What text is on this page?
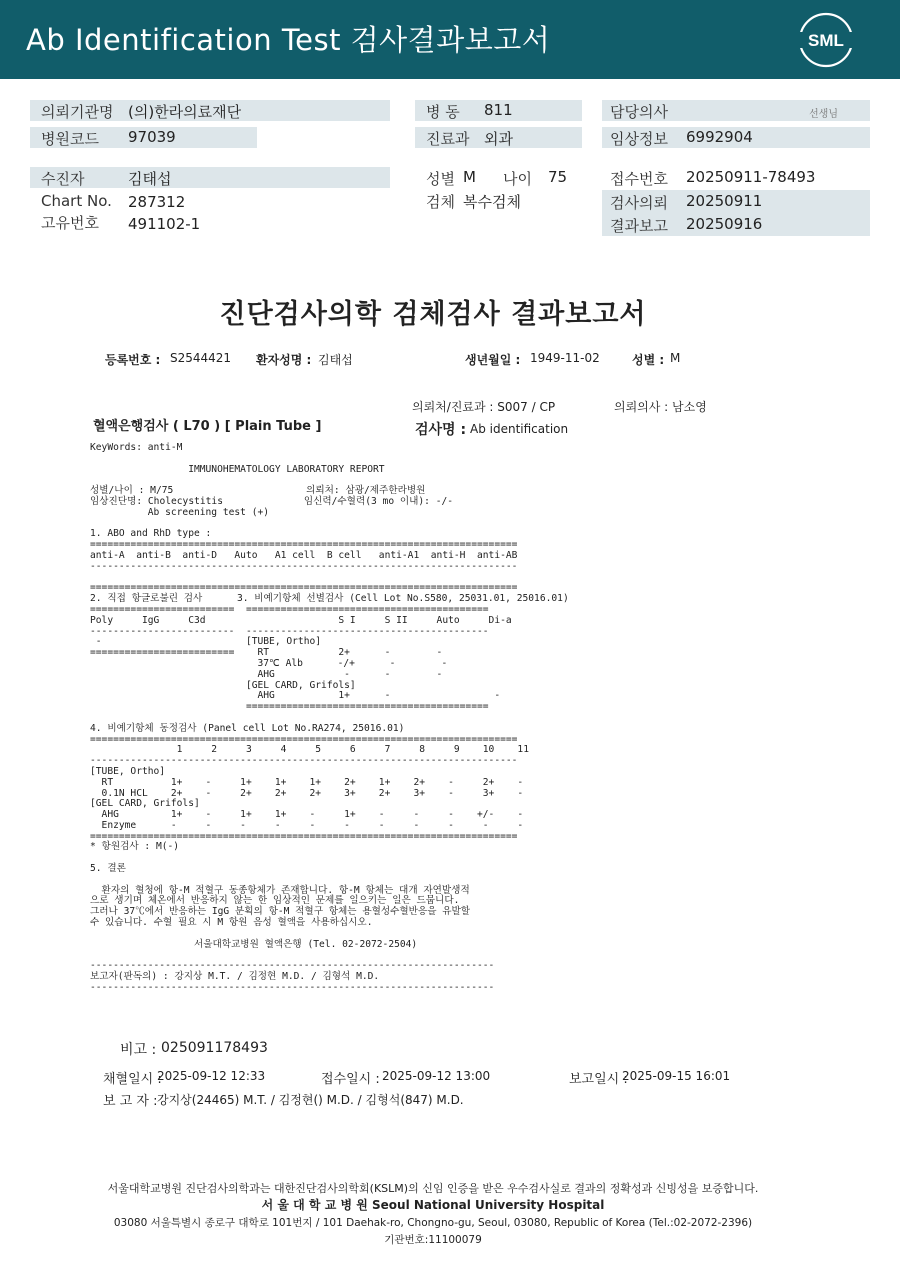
Ab Identification Test 검사결과보고서	SML
의뢰기관명 (의)한라의료재단
병원코드 97039
수진자	김태섭
Chart No. 287312
고유번호 491102-1
병 동 811
진료과 외과
성별 M 나이 75
검체 복수검체
담당의사	선생님
임상정보 6992904
접수번호 20250911-78493
검사의뢰 20250911
결과보고 20250916
진단검사의학 검체검사 결과보고서
등록번호 : S2544421 환자성명 : 김태섭	생년월일 : 1949-11-02	성별 : M
의뢰처/진료과 : S007 / CP	의뢰의사 : 남소영
혈액은행검사 ( L70 ) [ Plain Tube ]	검사명 : Ab identification
KeyWords: anti-M

IMMUNOHEMATOLOGY LABORATORY REPORT

성별/나이 : M/75                       의뢰처: 삼광/제주한라병원
임상진단명: Cholecystitis              임신력/수혈력(3 mo 이내): -/-
Ab screening test (+)

1. ABO and RhD type :
==========================================================================
anti-A  anti-B  anti-D   Auto   A1 cell  B cell   anti-A1  anti-H  anti-AB
--------------------------------------------------------------------------

==========================================================================
2. 직접 항글로불린 검사      3. 비예기항체 선별검사 (Cell Lot No.S580, 25031.01, 25016.01)
=========================  ==========================================
Poly     IgG     C3d                       S I     S II     Auto     Di-a
-------------------------  ------------------------------------------
-                         [TUBE, Ortho]
=========================    RT            2+      -        -
37℃ Alb      -/+      -        -
AHG            -      -        -
[GEL CARD, Grifols]
AHG           1+      -                  -
==========================================

4. 비예기항체 동정검사 (Panel cell Lot No.RA274, 25016.01)
==========================================================================
1     2     3     4     5     6     7     8     9    10    11
--------------------------------------------------------------------------
[TUBE, Ortho]
RT          1+    -     1+    1+    1+    2+    1+    2+    -     2+    -
0.1N HCL    2+    -     2+    2+    2+    3+    2+    3+    -     3+    -
[GEL CARD, Grifols]
AHG         1+    -     1+    1+    -     1+    -     -     -    +/-    -
Enzyme      -     -     -     -     -     -     -     -     -     -     -
==========================================================================
* 항원검사 : M(-)

5. 결론

환자의 혈청에 항-M 적혈구 동종항체가 존재합니다. 항-M 항체는 대개 자연발생적
으로 생기며 체온에서 반응하지 않는 한 임상적인 문제를 일으키는 일은 드뭅니다.
그러나 37℃에서 반응하는 IgG 분획의 항-M 적혈구 항체는 용혈성수혈반응을 유발할
수 있습니다. 수혈 필요 시 M 항원 음성 혈액을 사용하십시오.

서울대학교병원 혈액은행 (Tel. 02-2072-2504)

----------------------------------------------------------------------
보고자(판독의) : 강지상 M.T. / 김정현 M.D. / 김형석 M.D.
----------------------------------------------------------------------
비고 : 025091178493
채혈일시 :
2025-09-12 12:33	접수일시 : 2025-09-12 13:00	보고일시 :
2025-09-15 16:01
보 고 자 : 강지상(24465) M.T. / 김정현() M.D. / 김형석(847) M.D.
서울대학교병원 진단검사의학과는 대한진단검사의학회(KSLM)의 신임 인증을 받은 우수검사실로 결과의 정확성과 신빙성을 보증합니다.
서 울 대 학 교 병 원 Seoul National University Hospital
03080 서울특별시 종로구 대학로 101번지 / 101 Daehak-ro, Chongno-gu, Seoul, 03080, Republic of Korea (Tel.:02-2072-2396)
기관번호:11100079
